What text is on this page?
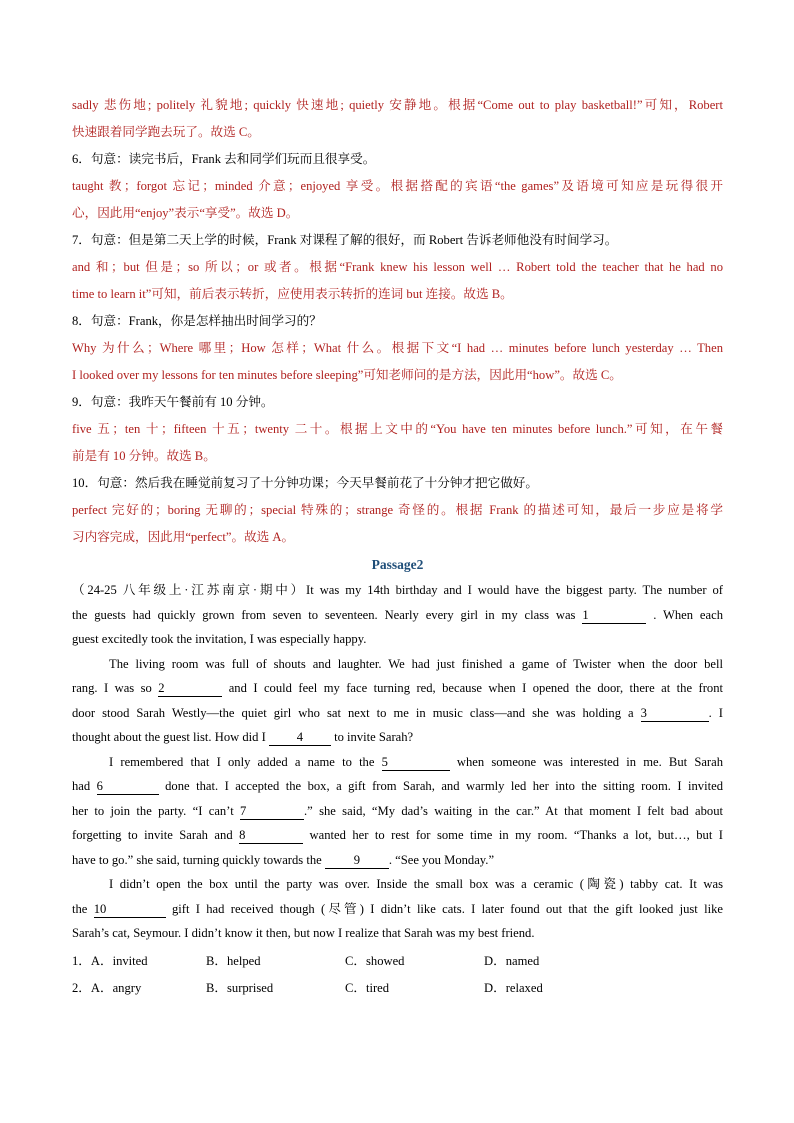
sadly 悲伤地; politely 礼貌地; quickly 快速地; quietly 安静地。根据“Come out to play basketball!”可知，Robert
快速跟着同学跑去玩了。故选 C。
6．句意：读完书后，Frank 去和同学们玩而且很享受。
taught 教；forgot 忘记；minded 介意；enjoyed 享受。根据搭配的宾语“the games”及语境可知应是玩得很开
心，因此用“enjoy”表示“享受”。故选 D。
7．句意：但是第二天上学的时候，Frank 对课程了解的很好，而 Robert 告诉老师他没有时间学习。
and 和；but 但是；so 所以；or 或者。根据“Frank knew his lesson well … Robert told the teacher that he had no
time to learn it”可知，前后表示转折，应使用表示转折的连词 but 连接。故选 B。
8．句意：Frank，你是怎样抽出时间学习的？
Why 为什么；Where 哪里；How 怎样；What 什么。根据下文“I had … minutes before lunch yesterday … Then
I looked over my lessons for ten minutes before sleeping”可知老师问的是方法，因此用“how”。故选 C。
9．句意：我昨天午餐前有 10 分钟。
five 五；ten 十；fifteen 十五；twenty 二十。根据上文中的“You have ten minutes before lunch.”可知，在午餐
前是有 10 分钟。故选 B。
10．句意：然后我在睡觉前复习了十分钟功课；今天早餐前花了十分钟才把它做好。
perfect 完好的；boring 无聊的；special 特殊的；strange 奇怪的。根据 Frank 的描述可知，最后一步应是将学
习内容完成，因此用“perfect”。故选 A。
Passage2
（24-25 八年级上·江苏南京·期中）It was my 14th birthday and I would have the biggest party. The number of
the guests had quickly grown from seven to seventeen. Nearly every girl in my class was 1	. When each
guest excitedly took the invitation, I was especially happy.
The living room was full of shouts and laughter. We had just finished a game of Twister when the door bell
rang. I was so 2	and I could feel my face turning red, because when I opened the door, there at the front
door stood Sarah Westly—the quiet girl who sat next to me in music class—and she was holding a 3	. I
thought about the guest list. How did I 4 to invite Sarah?
I remembered that I only added a name to the 5	when someone was interested in me. But Sarah
had 6	done that. I accepted the box, a gift from Sarah, and warmly led her into the sitting room. I invited
her to join the party. “I can’t 7	.” she said, “My dad’s waiting in the car.” At that moment I felt bad about
forgetting to invite Sarah and 8	wanted her to rest for some time in my room. “Thanks a lot, but…, but I
have to go.” she said, turning quickly towards the 9 . “See you Monday.”
I didn’t open the box until the party was over. Inside the small box was a ceramic (陶瓷) tabby cat. It was
the 10	gift I had received though (尽管) I didn’t like cats. I later found out that the gift looked just like
Sarah’s cat, Seymour. I didn’t know it then, but now I realize that Sarah was my best friend.
1．A．invited	B．helped	C．showed	D．named
2．A．angry	B．surprised	C．tired	D．relaxed
